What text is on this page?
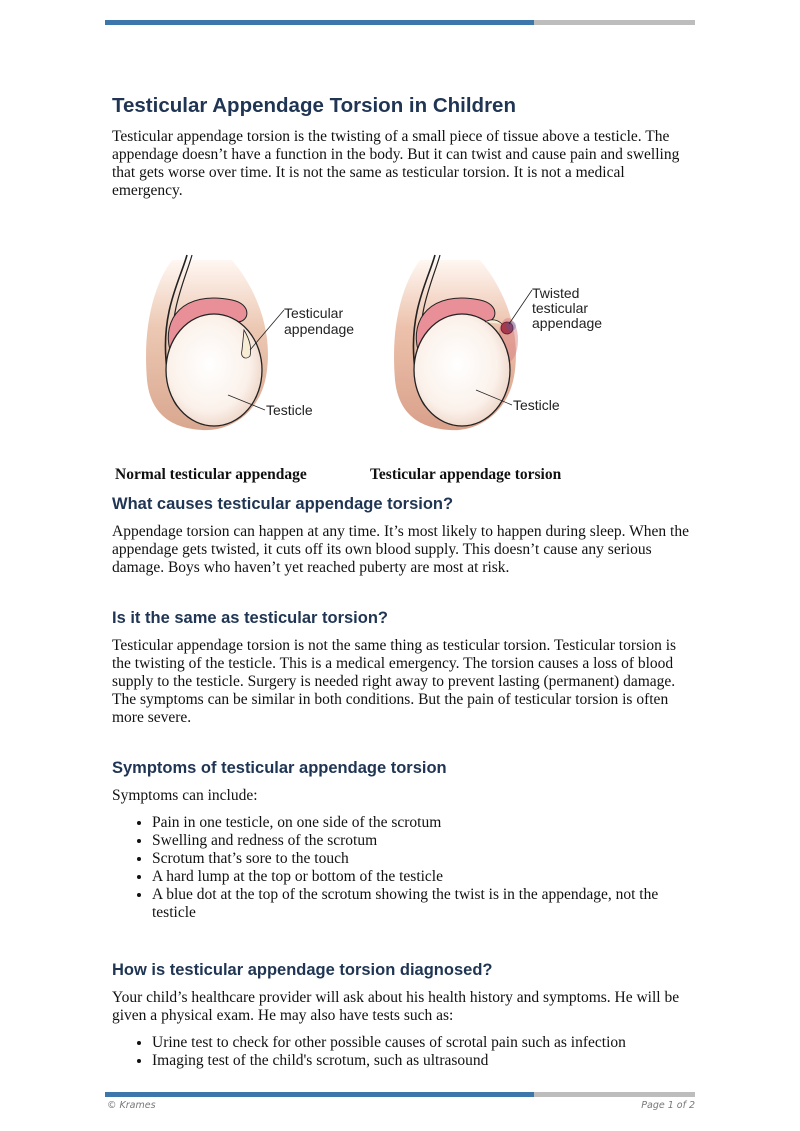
Testicular Appendage Torsion in Children

Testicular appendage torsion is the twisting of a small piece of tissue above a testicle. The appendage doesn’t have a function in the body. But it can twist and cause pain and swelling that gets worse over time. It is not the same as testicular torsion. It is not a medical emergency.

Testicular
appendage
Testicle
Twisted
testicular
appendage
Testicle
Normal testicular appendage	Testicular appendage torsion
What causes testicular appendage torsion?

Appendage torsion can happen at any time. It’s most likely to happen during sleep. When the appendage gets twisted, it cuts off its own blood supply. This doesn’t cause any serious damage. Boys who haven’t yet reached puberty are most at risk.

Is it the same as testicular torsion?

Testicular appendage torsion is not the same thing as testicular torsion. Testicular torsion is the twisting of the testicle. This is a medical emergency. The torsion causes a loss of blood supply to the testicle. Surgery is needed right away to prevent lasting (permanent) damage. The symptoms can be similar in both conditions. But the pain of testicular torsion is often more severe.

Symptoms of testicular appendage torsion

Symptoms can include:

• Pain in one testicle, on one side of the scrotum
• Swelling and redness of the scrotum
• Scrotum that’s sore to the touch
• A hard lump at the top or bottom of the testicle
• A blue dot at the top of the scrotum showing the twist is in the appendage, not the testicle
How is testicular appendage torsion diagnosed?

Your child’s healthcare provider will ask about his health history and symptoms. He will be given a physical exam. He may also have tests such as:

• Urine test to check for other possible causes of scrotal pain such as infection
• Imaging test of the child's scrotum, such as ultrasound
© Krames	Page 1 of 2
